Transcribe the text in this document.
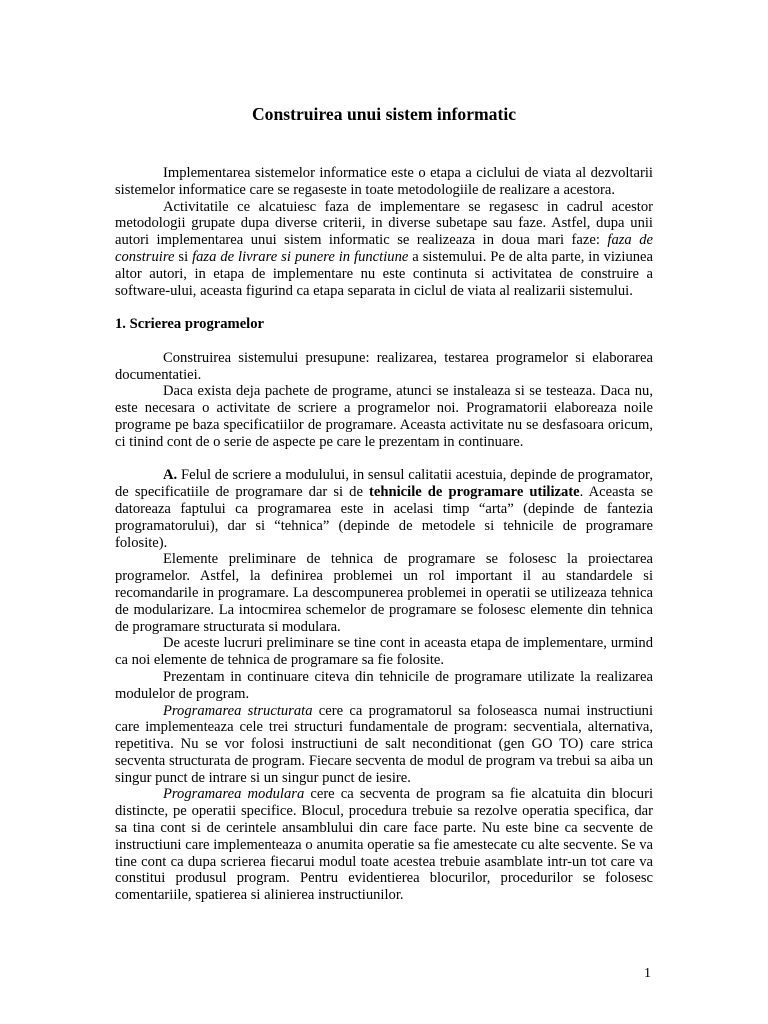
Construirea unui sistem informatic

Implementarea sistemelor informatice este o etapa a ciclului de viata al dezvoltarii sistemelor informatice care se regaseste in toate metodologiile de realizare a acestora.

Activitatile ce alcatuiesc faza de implementare se regasesc in cadrul acestor metodologii grupate dupa diverse criterii, in diverse subetape sau faze. Astfel, dupa unii autori implementarea unui sistem informatic se realizeaza in doua mari faze: faza de construire si faza de livrare si punere in functiune a sistemului. Pe de alta parte, in viziunea altor autori, in etapa de implementare nu este continuta si activitatea de construire a software-ului, aceasta figurind ca etapa separata in ciclul de viata al realizarii sistemului.

1. Scrierea programelor

Construirea sistemului presupune: realizarea, testarea programelor si elaborarea documentatiei.

Daca exista deja pachete de programe, atunci se instaleaza si se testeaza. Daca nu, este necesara o activitate de scriere a programelor noi. Programatorii elaboreaza noile programe pe baza specificatiilor de programare. Aceasta activitate nu se desfasoara oricum, ci tinind cont de o serie de aspecte pe care le prezentam in continuare.

A. Felul de scriere a modulului, in sensul calitatii acestuia, depinde de programator, de specificatiile de programare dar si de tehnicile de programare utilizate. Aceasta se datoreaza faptului ca programarea este in acelasi timp “arta” (depinde de fantezia programatorului), dar si “tehnica” (depinde de metodele si tehnicile de programare folosite).

Elemente preliminare de tehnica de programare se folosesc la proiectarea programelor. Astfel, la definirea problemei un rol important il au standardele si recomandarile in programare. La descompunerea problemei in operatii se utilizeaza tehnica de modularizare. La intocmirea schemelor de programare se folosesc elemente din tehnica de programare structurata si modulara.

De aceste lucruri preliminare se tine cont in aceasta etapa de implementare, urmind ca noi elemente de tehnica de programare sa fie folosite.

Prezentam in continuare citeva din tehnicile de programare utilizate la realizarea modulelor de program.

Programarea structurata cere ca programatorul sa foloseasca numai instructiuni care implementeaza cele trei structuri fundamentale de program: secventiala, alternativa, repetitiva. Nu se vor folosi instructiuni de salt neconditionat (gen GO TO) care strica secventa structurata de program. Fiecare secventa de modul de program va trebui sa aiba un singur punct de intrare si un singur punct de iesire.

Programarea modulara cere ca secventa de program sa fie alcatuita din blocuri distincte, pe operatii specifice. Blocul, procedura trebuie sa rezolve operatia specifica, dar sa tina cont si de cerintele ansamblului din care face parte. Nu este bine ca secvente de instructiuni care implementeaza o anumita operatie sa fie amestecate cu alte secvente. Se va tine cont ca dupa scrierea fiecarui modul toate acestea trebuie asamblate intr-un tot care va constitui produsul program. Pentru evidentierea blocurilor, procedurilor se folosesc comentariile, spatierea si alinierea instructiunilor.

1
